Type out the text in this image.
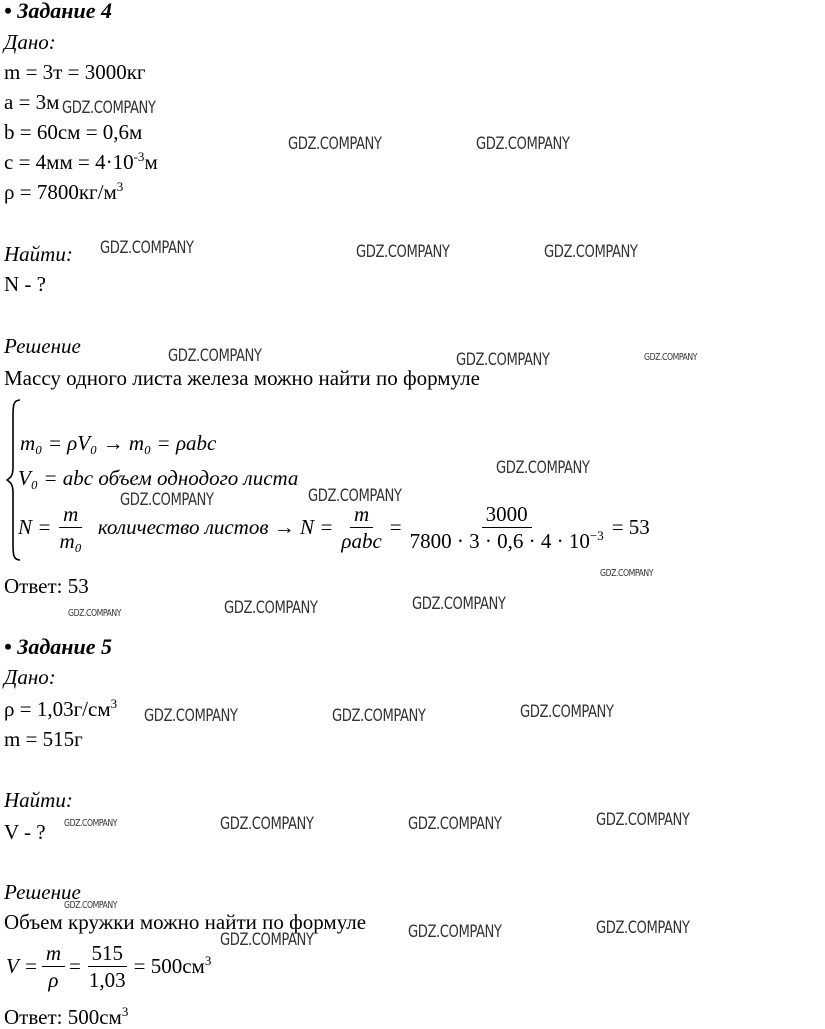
• Задание 4
Дано:
m = 3т = 3000кг
a = 3м
b = 60см = 0,6м
$c = 4мм = 4\cdot 10^{-3}м$
$\rho = 7800кг/м^3$
Найти:
N - ?
Решение
Массу одного листа железа можно найти по формуле
m₀ = ρV₀ → m₀ = ρabc
V₀ = abc объем однодого листа
$N = \frac{m}{\text{m₀}}$ количество листов → $N = \frac{m}{\text{ρabc}} = \frac{3000}{7800 \cdot 3 \cdot 0,6 \cdot 4 \cdot 10^{-3}} = 53$
Ответ: 53
• Задание 5
Дано:
$\rho = 1,03г/см^3$
m = 515г
Найти:
V - ?
Решение
Объем кружки можно найти по формуле
$V = \frac{m}{\rho} = \frac{515}{1,03} = 500см^3$
Ответ: $500см^3$
GDZ.COMPANY
GDZ.COMPANY	GDZ.COMPANY
GDZ.COMPANY	GDZ.COMPANY	GDZ.COMPANY
GDZ.COMPANY	GDZ.COMPANY	GDZ.COMPANY
GDZ.COMPANY
GDZ.COMPANY	GDZ.COMPANY
GDZ.COMPANY
GDZ.COMPANY	GDZ.COMPANY	GDZ.COMPANY
GDZ.COMPANY	GDZ.COMPANY	GDZ.COMPANY
GDZ.COMPANY	GDZ.COMPANY	GDZ.COMPANY	GDZ.COMPANY
GDZ.COMPANY
GDZ.COMPANY	GDZ.COMPANY	GDZ.COMPANY
